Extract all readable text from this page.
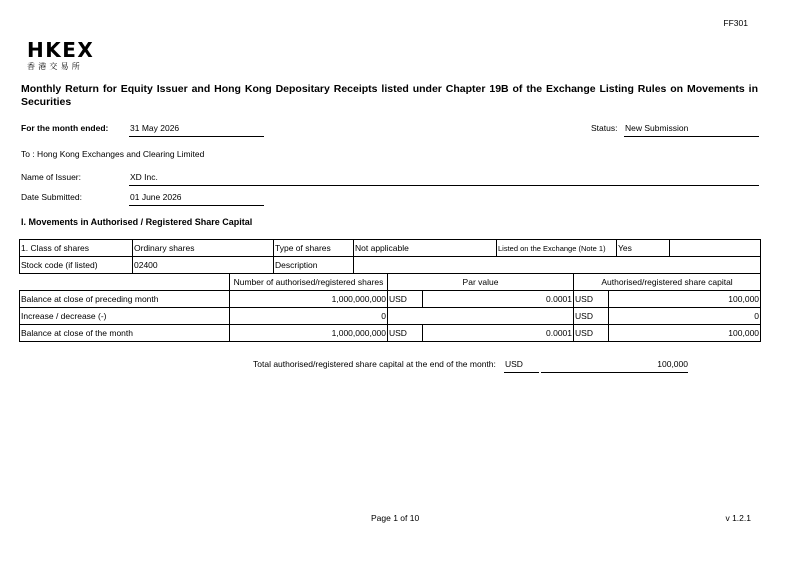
FF301
HKEX
香港交易所
Monthly Return for Equity Issuer and Hong Kong Depositary Receipts listed under Chapter 19B of the Exchange Listing Rules on Movements in Securities
For the month ended:	31 May 2026	Status: New Submission
To : Hong Kong Exchanges and Clearing Limited
Name of Issuer:	XD Inc.
Date Submitted:	01 June 2026
I. Movements in Authorised / Registered Share Capital
1. Class of shares	Ordinary shares	Type of shares	Not applicable	Listed on the Exchange (Note 1)	Yes	
Stock code (if listed)	02400	Description				
	Number of authorised/registered shares	Par value		Authorised/registered share capital	
Balance at close of preceding month	1,000,000,000	USD	0.0001	USD	100,000
Increase / decrease (-)	0			USD	0
Balance at close of the month	1,000,000,000	USD	0.0001	USD	100,000
Total authorised/registered share capital at the end of the month: USD	100,000
Page 1 of 10	v 1.2.1
